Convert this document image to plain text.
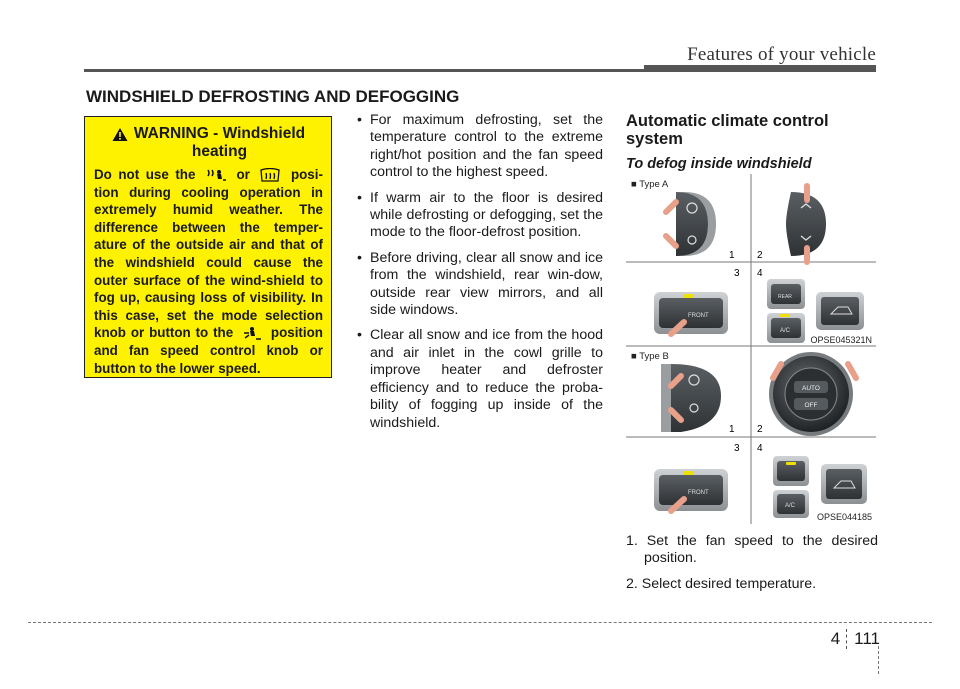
Features of your vehicle
WINDSHIELD DEFROSTING AND DEFOGGING
WARNING - Windshield
heating
Do not use the	or	posi-tion during cooling operation in extremely humid weather. The difference between the temper-ature of the outside air and that of the windshield could cause the outer surface of the wind-shield to fog up, causing loss of visibility. In this case, set the mode selection knob or button to the	position and fan speed control knob or button to the lower speed.
• For maximum defrosting, set the temperature control to the extreme right/hot position and the fan speed control to the highest speed.
• If warm air to the floor is desired while defrosting or defogging, set the mode to the floor-defrost position.
• Before driving, clear all snow and ice from the windshield, rear win-dow, outside rear view mirrors, and all side windows.
• Clear all snow and ice from the hood and air inlet in the cowl grille to improve heater and defroster efficiency and to reduce the proba-bility of fogging up inside of the windshield.
Automatic climate control system
To defog inside windshield
■ Type A
1 2
3 4
FRONT
REAR
A/C
OPSE045321N
■ Type B
1 2
AUTO
OFF
3 4
FRONT
A/C
OPSE044185

1. Set the fan speed to the desired position.

2. Select desired temperature.

4 111
